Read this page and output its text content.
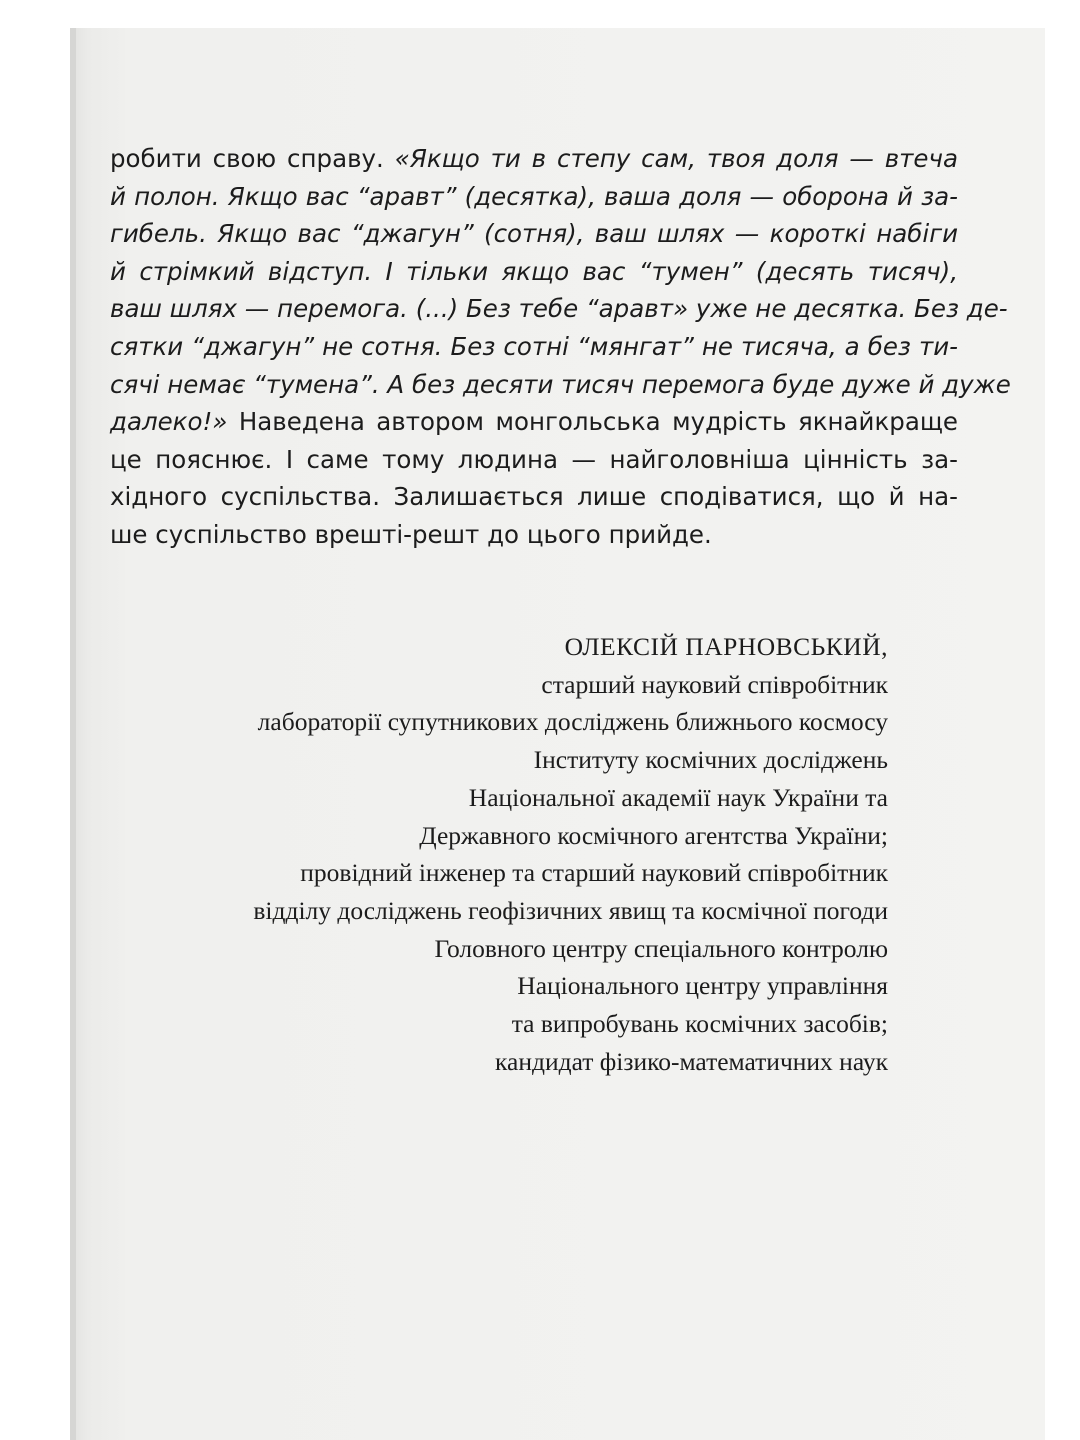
робити свою справу. «Якщо ти в степу сам, твоя доля — втеча
й полон. Якщо вас “аравт” (десятка), ваша доля — оборона й за-
гибель. Якщо вас “джагун” (сотня), ваш шлях — короткі набіги
й стрімкий відступ. І тільки якщо вас “тумен” (десять тисяч),
ваш шлях — перемога. (...) Без тебе “аравт» уже не десятка. Без де-
сятки “джагун” не сотня. Без сотні “мянгат” не тисяча, а без ти-
сячі немає “тумена”. А без десяти тисяч перемога буде дуже й дуже
далеко!» Наведена автором монгольська мудрість якнайкраще
це пояснює. І саме тому людина — найголовніша цінність за-
хідного суспільства. Залишається лише сподіватися, що й на-
ше суспільство врешті-решт до цього прийде.
ОЛЕКСІЙ ПАРНОВСЬКИЙ,
старший науковий співробітник
лабораторії супутникових досліджень ближнього космосу
Інституту космічних досліджень
Національної академії наук України та
Державного космічного агентства України;
провідний інженер та старший науковий співробітник
відділу досліджень геофізичних явищ та космічної погоди
Головного центру спеціального контролю
Національного центру управління
та випробувань космічних засобів;
кандидат фізико-математичних наук
